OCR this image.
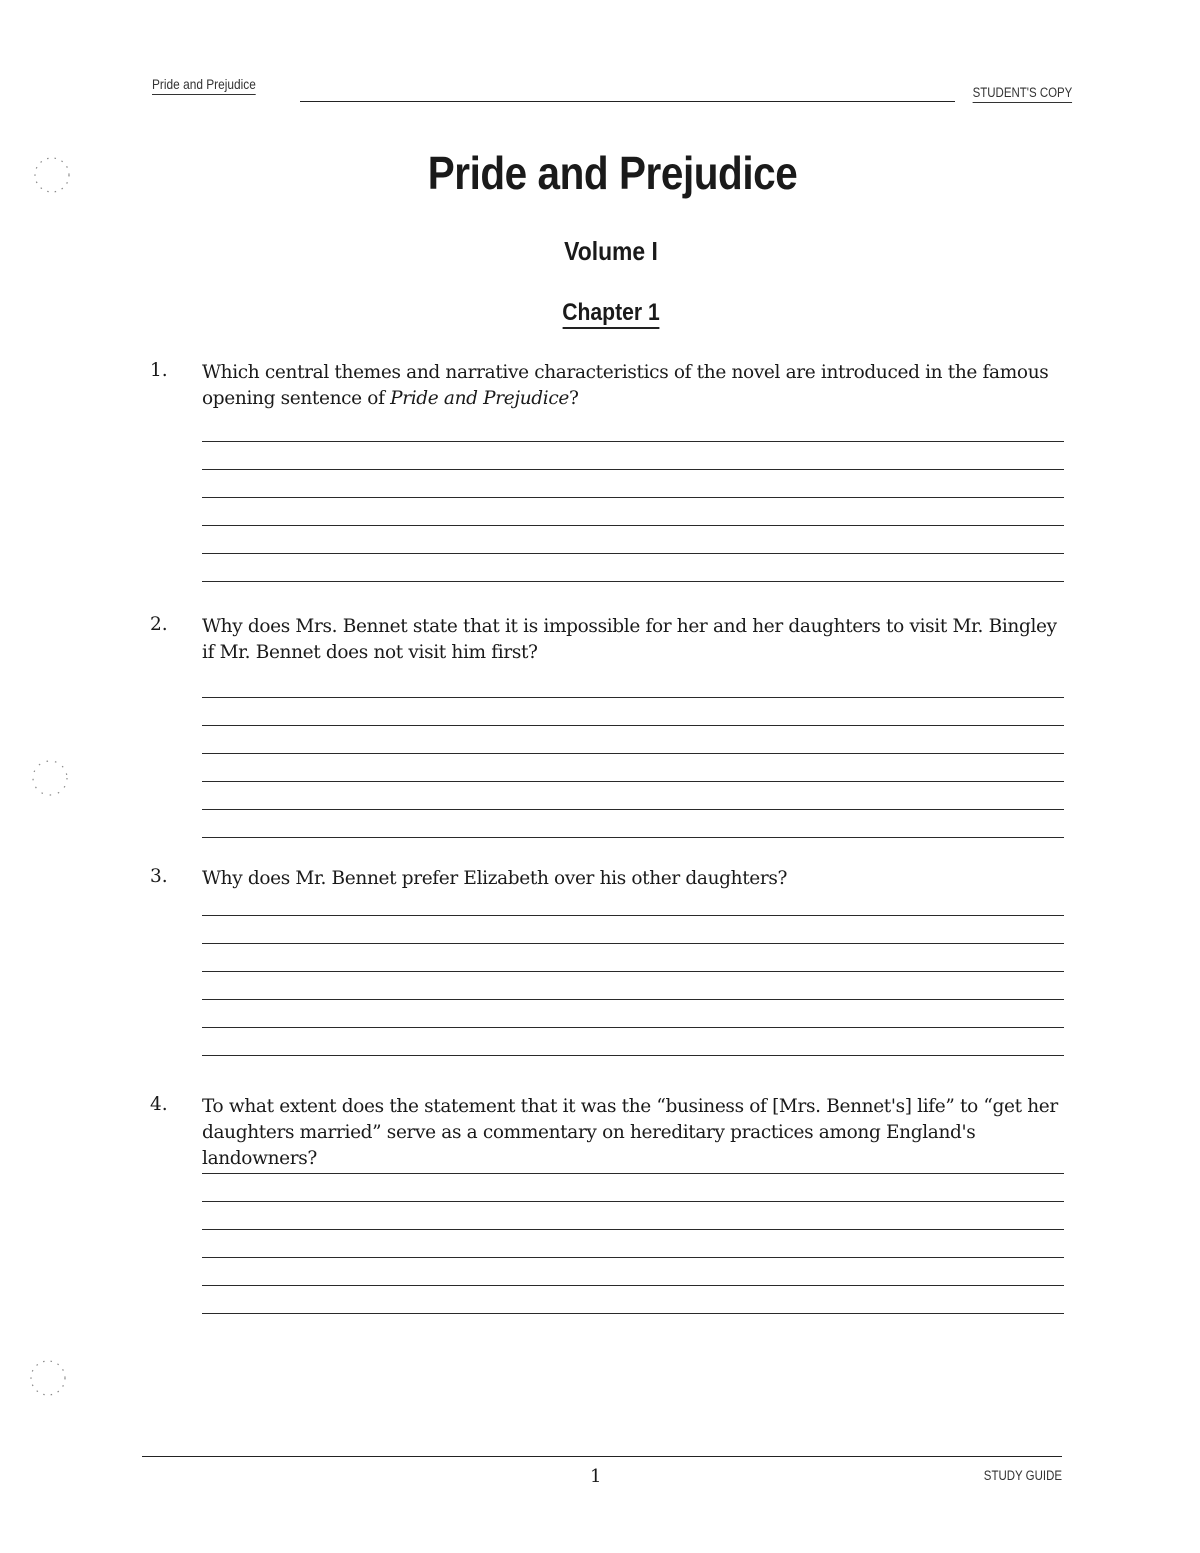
Pride and Prejudice
STUDENT'S COPY
Pride and Prejudice
Volume I
Chapter 1
1. Which central themes and narrative characteristics of the novel are introduced in the famous opening sentence of Pride and Prejudice?
2. Why does Mrs. Bennet state that it is impossible for her and her daughters to visit Mr. Bingley if Mr. Bennet does not visit him first?
3. Why does Mr. Bennet prefer Elizabeth over his other daughters?
4. To what extent does the statement that it was the “business of [Mrs. Bennet's] life” to “get her daughters married” serve as a commentary on hereditary practices among England's landowners?
1	STUDY GUIDE
